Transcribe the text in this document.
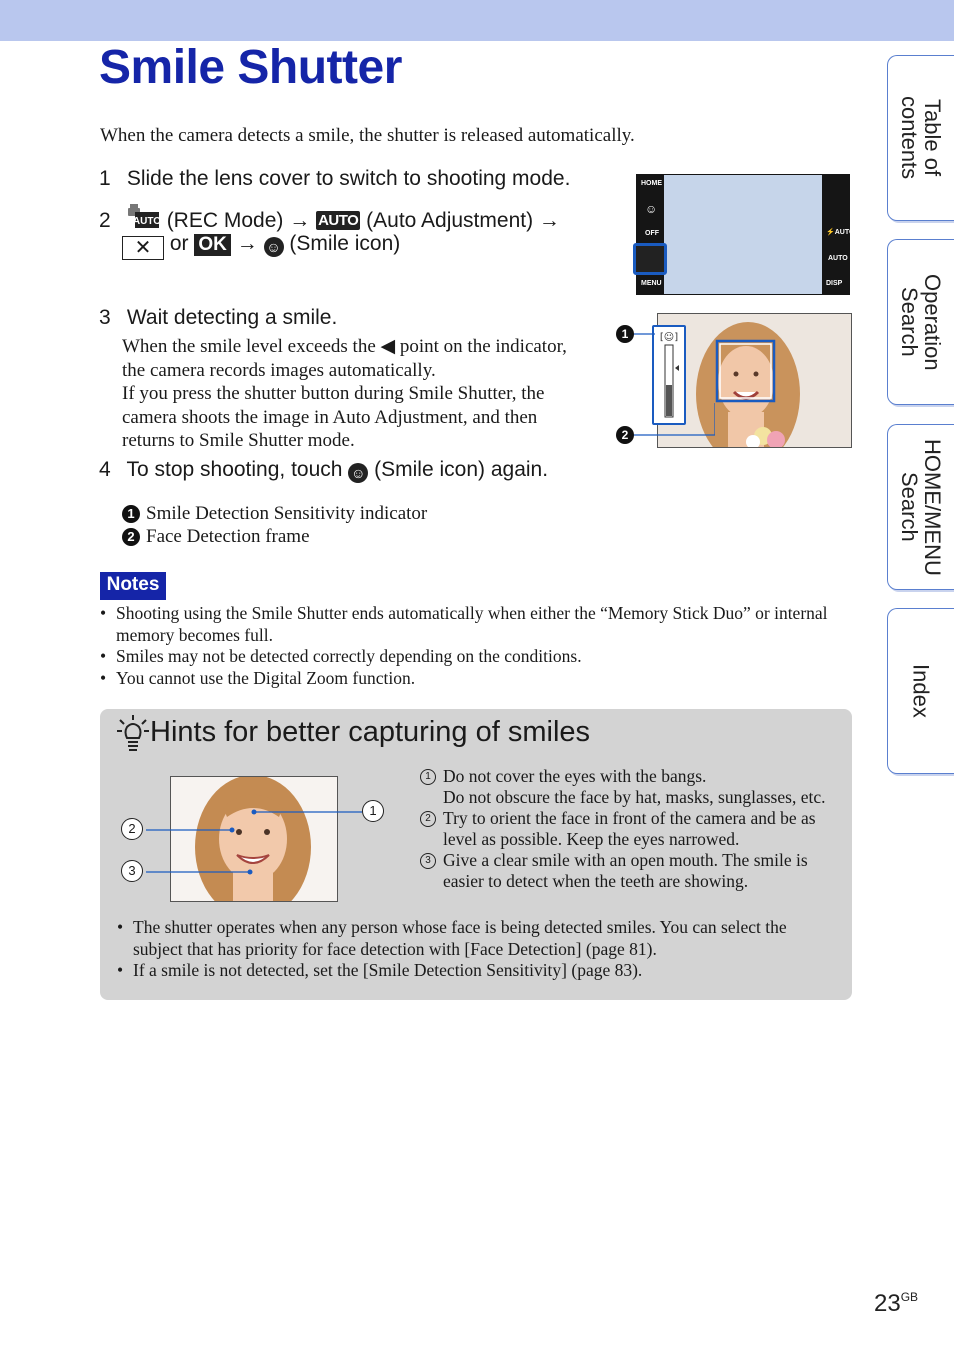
Smile Shutter
When the camera detects a smile, the shutter is released automatically.
1 Slide the lens cover to switch to shooting mode.
2 AUTO (REC Mode) → AUTO (Auto Adjustment) →
✕ or OK → ☺ (Smile icon)
3 Wait detecting a smile.
When the smile level exceeds the ◀ point on the indicator,
the camera records images automatically.
If you press the shutter button during Smile Shutter, the
camera shoots the image in Auto Adjustment, and then
returns to Smile Shutter mode.
4 To stop shooting, touch ☺ (Smile icon) again.
1 Smile Detection Sensitivity indicator
2 Face Detection frame
HOME
☺
OFF
MENU
⚡AUTO
AUTO
DISP
[☺]
1
2
Notes
• Shooting using the Smile Shutter ends automatically when either the “Memory Stick Duo” or internal memory becomes full.
• Smiles may not be detected correctly depending on the conditions.
• You cannot use the Digital Zoom function.
Hints for better capturing of smiles
1
2
3
1 Do not cover the eyes with the bangs.
Do not obscure the face by hat, masks, sunglasses, etc.
2 Try to orient the face in front of the camera and be as
level as possible. Keep the eyes narrowed.
3 Give a clear smile with an open mouth. The smile is
easier to detect when the teeth are showing.
• The shutter operates when any person whose face is being detected smiles. You can select the subject that has priority for face detection with [Face Detection] (page 81).
• If a smile is not detected, set the [Smile Detection Sensitivity] (page 83).
Table of
contents
Operation
Search
HOME/MENU
Search
Index
$23^{GB}$
